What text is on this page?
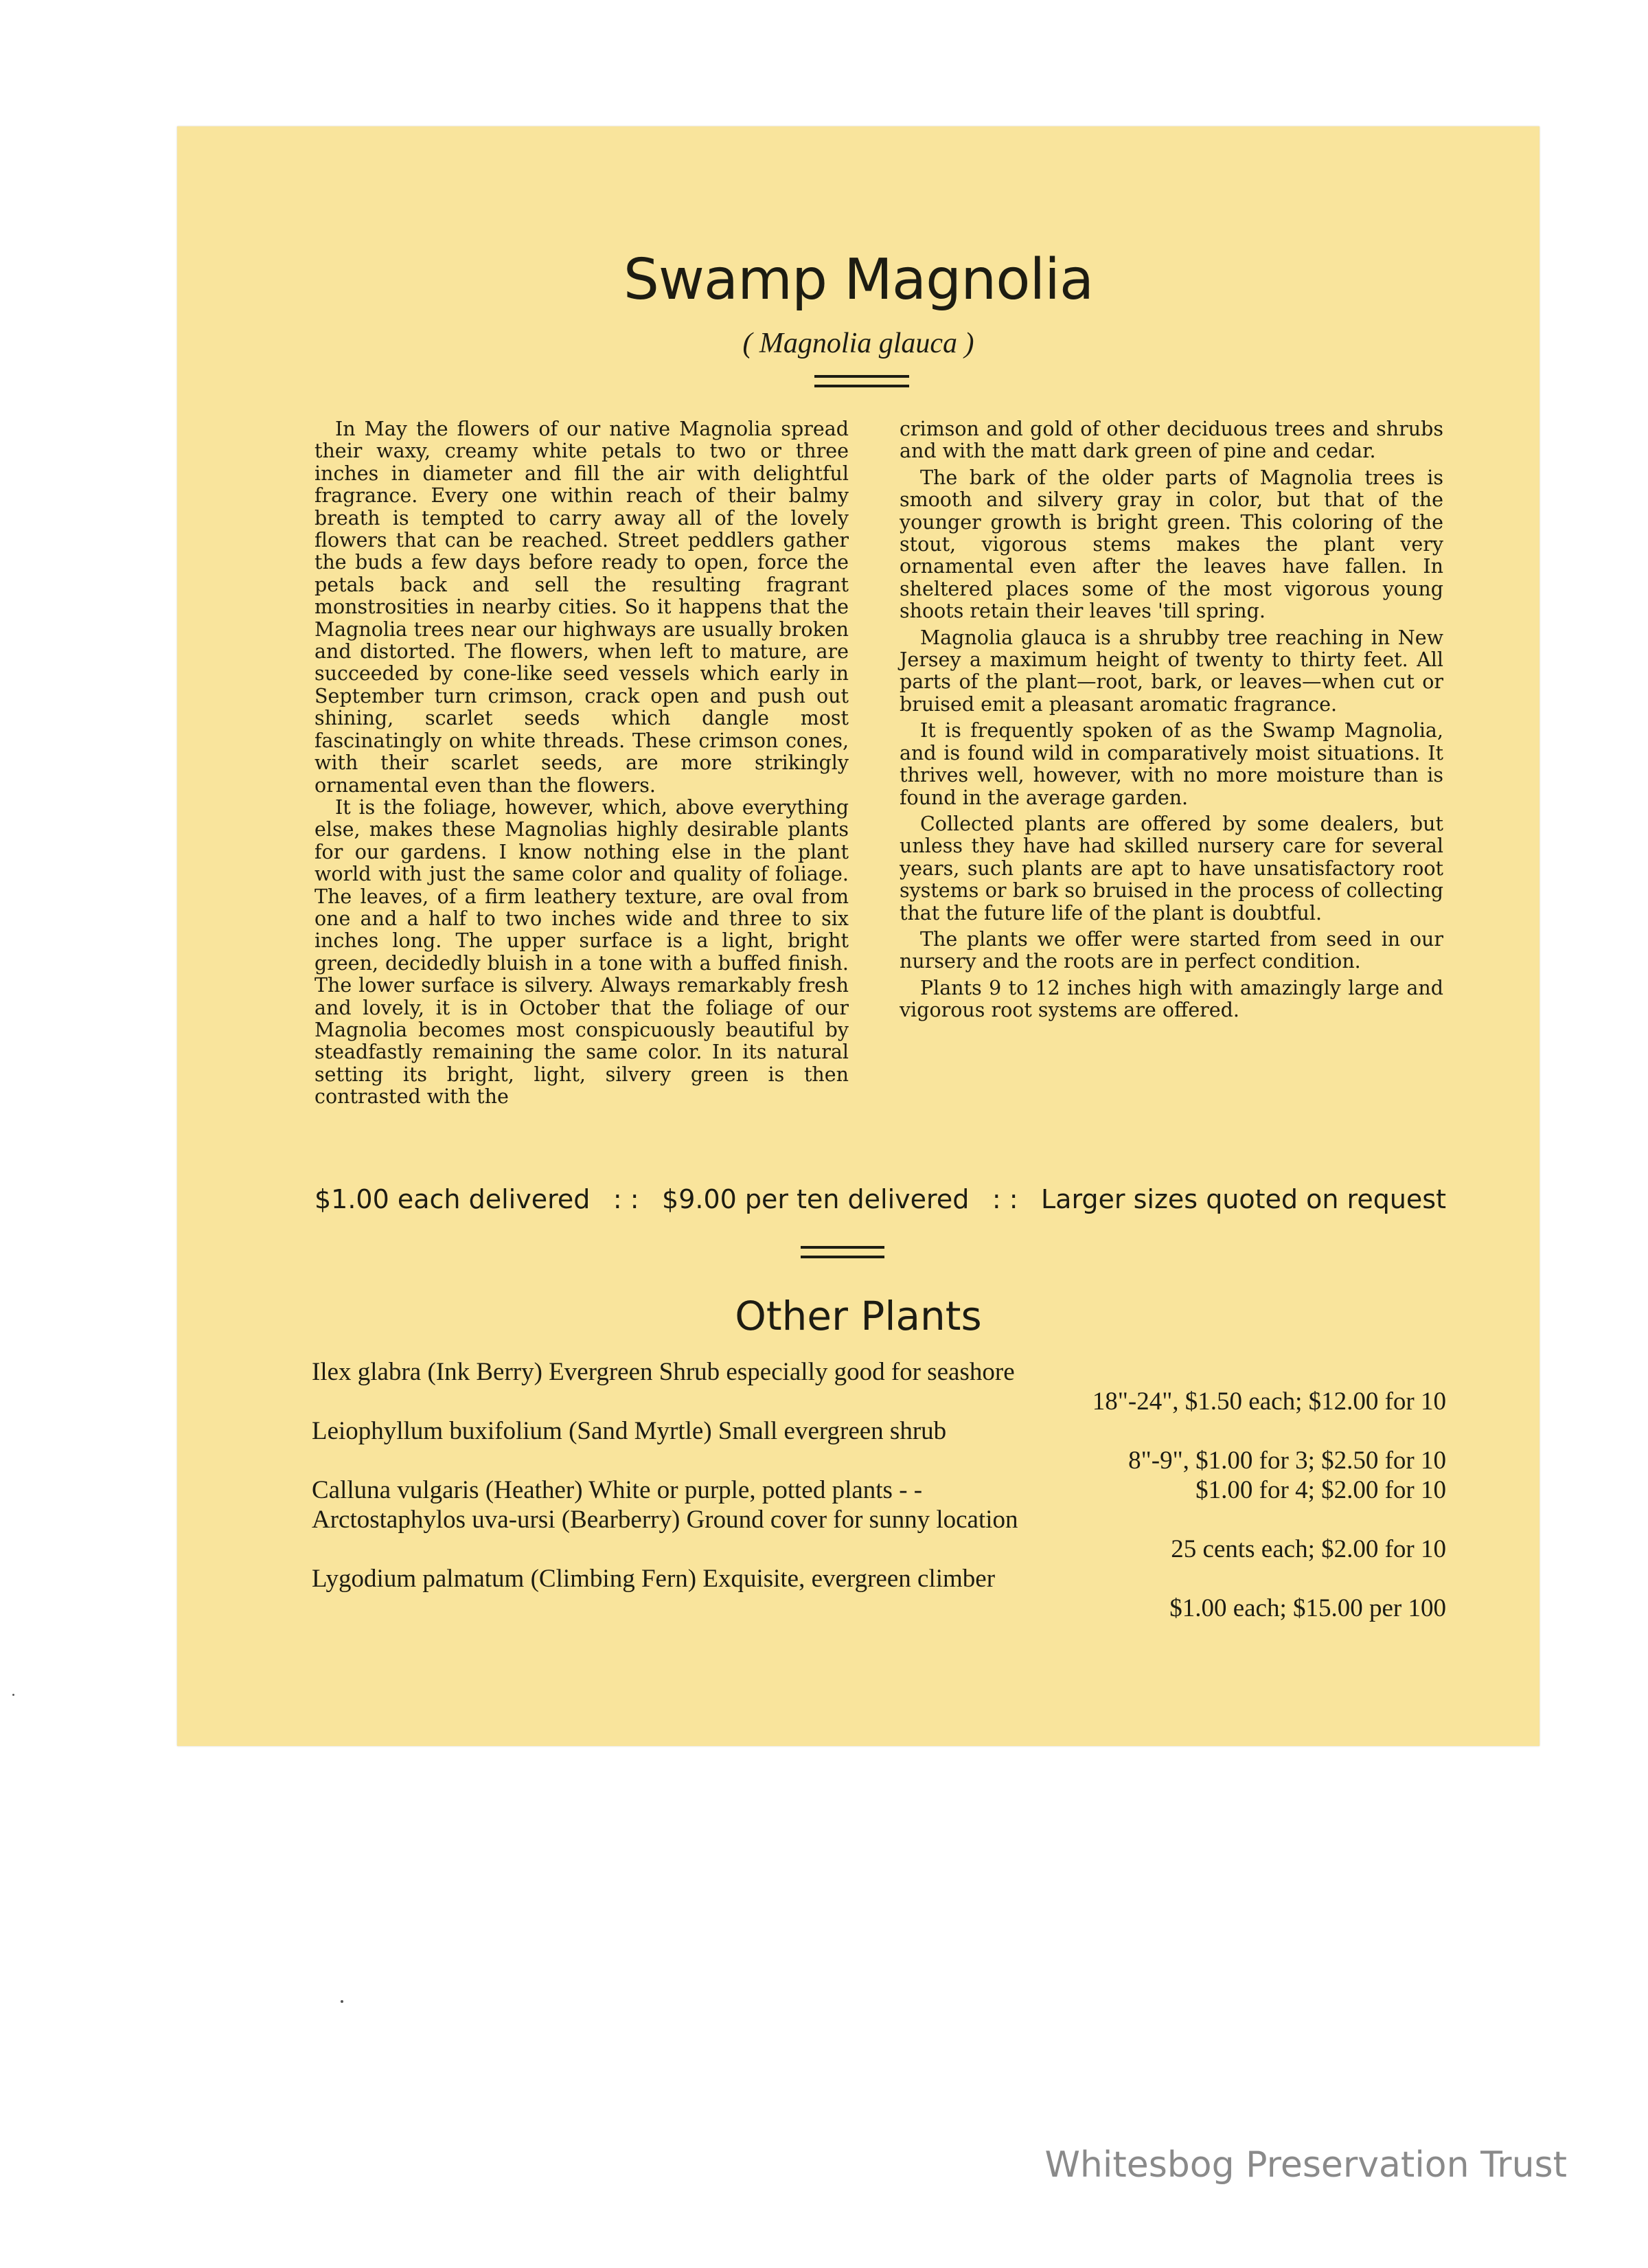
Swamp Magnolia
( Magnolia glauca )

In May the flowers of our native Magnolia spread their waxy, creamy white petals to two or three inches in diameter and fill the air with delightful fragrance. Every one within reach of their balmy breath is tempted to carry away all of the lovely flowers that can be reached. Street peddlers gather the buds a few days before ready to open, force the petals back and sell the resulting fragrant monstrosities in nearby cities. So it happens that the Magnolia trees near our highways are usually broken and distorted. The flowers, when left to mature, are succeeded by cone-like seed vessels which early in September turn crimson, crack open and push out shining, scarlet seeds which dangle most fascinatingly on white threads. These crimson cones, with their scarlet seeds, are more strikingly ornamental even than the flowers.

It is the foliage, however, which, above everything else, makes these Magnolias highly desirable plants for our gardens. I know nothing else in the plant world with just the same color and quality of foliage. The leaves, of a firm leathery texture, are oval from one and a half to two inches wide and three to six inches long. The upper surface is a light, bright green, decidedly bluish in a tone with a buffed finish. The lower surface is silvery. Always remarkably fresh and lovely, it is in October that the foliage of our Magnolia becomes most conspicuously beautiful by steadfastly remaining the same color. In its natural setting its bright, light, silvery green is then contrasted with the

crimson and gold of other deciduous trees and shrubs and with the matt dark green of pine and cedar.

The bark of the older parts of Magnolia trees is smooth and silvery gray in color, but that of the younger growth is bright green. This coloring of the stout, vigorous stems makes the plant very ornamental even after the leaves have fallen. In sheltered places some of the most vigorous young shoots retain their leaves 'till spring.

Magnolia glauca is a shrubby tree reaching in New Jersey a maximum height of twenty to thirty feet. All parts of the plant—root, bark, or leaves—when cut or bruised emit a pleasant aromatic fragrance.

It is frequently spoken of as the Swamp Magnolia, and is found wild in comparatively moist situations. It thrives well, however, with no more moisture than is found in the average garden.

Collected plants are offered by some dealers, but unless they have had skilled nursery care for several years, such plants are apt to have unsatisfactory root systems or bark so bruised in the process of collecting that the future life of the plant is doubtful.

The plants we offer were started from seed in our nursery and the roots are in perfect condition.

Plants 9 to 12 inches high with amazingly large and vigorous root systems are offered.

$1.00 each delivered : : $9.00 per ten delivered : : Larger sizes quoted on request
Other Plants
Ilex glabra (Ink Berry) Evergreen Shrub especially good for seashore
18"-24", $1.50 each; $12.00 for 10
Leiophyllum buxifolium (Sand Myrtle) Small evergreen shrub
8"-9", $1.00 for 3; $2.50 for 10
Calluna vulgaris (Heather) White or purple, potted plants - -	$1.00 for 4; $2.00 for 10
Arctostaphylos uva-ursi (Bearberry) Ground cover for sunny location
25 cents each; $2.00 for 10
Lygodium palmatum (Climbing Fern) Exquisite, evergreen climber
$1.00 each; $15.00 per 100
Whitesbog Preservation Trust
